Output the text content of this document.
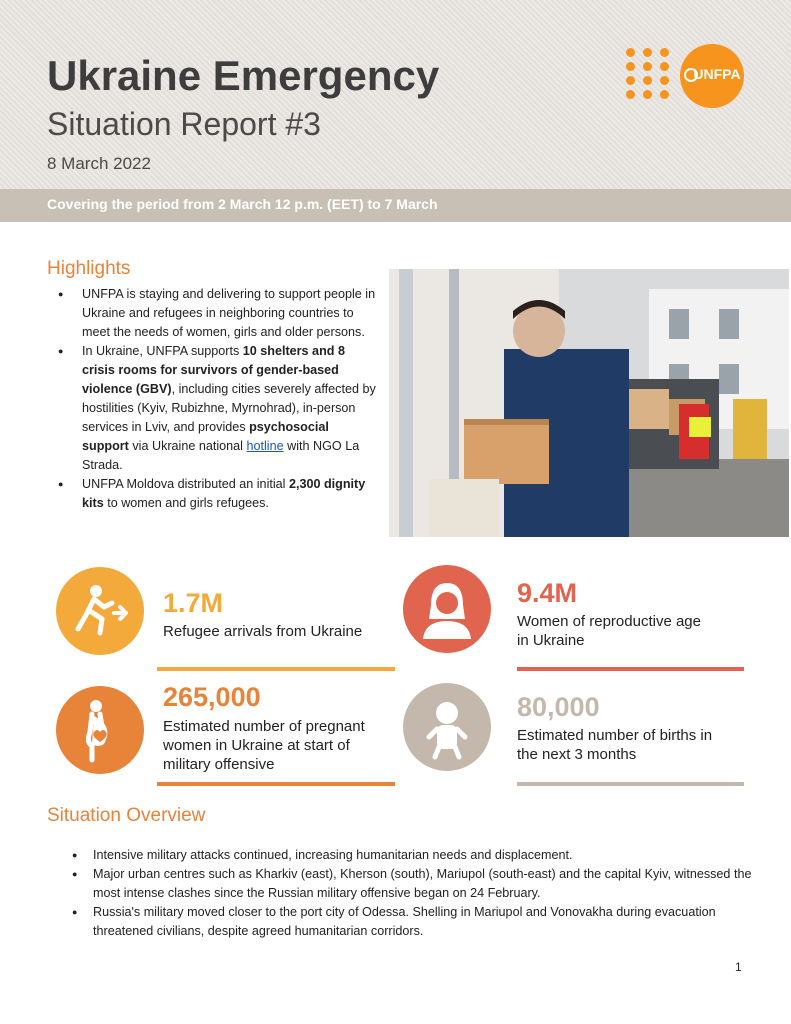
Ukraine Emergency
Situation Report #3
8 March 2022
Covering the period from 2 March 12 p.m. (EET) to 7 March
UNFPA
Highlights
● UNFPA is staying and delivering to support people in Ukraine and refugees in neighboring countries to meet the needs of women, girls and older persons.
● In Ukraine, UNFPA supports 10 shelters and 8 crisis rooms for survivors of gender-based violence (GBV), including cities severely affected by hostilities (Kyiv, Rubizhne, Myrnohrad), in-person services in Lviv, and provides psychosocial support via Ukraine national hotline with NGO La Strada.
● UNFPA Moldova distributed an initial 2,300 dignity kits to women and girls refugees.
1.7M
Refugee arrivals from Ukraine
9.4M
Women of reproductive age in Ukraine
265,000
Estimated number of pregnant women in Ukraine at start of military offensive
80,000
Estimated number of births in the next 3 months
Situation Overview
● Intensive military attacks continued, increasing humanitarian needs and displacement.
● Major urban centres such as Kharkiv (east), Kherson (south), Mariupol (south-east) and the capital Kyiv, witnessed the most intense clashes since the Russian military offensive began on 24 February.
● Russia's military moved closer to the port city of Odessa. Shelling in Mariupol and Vonovakha during evacuation threatened civilians, despite agreed humanitarian corridors.
1
